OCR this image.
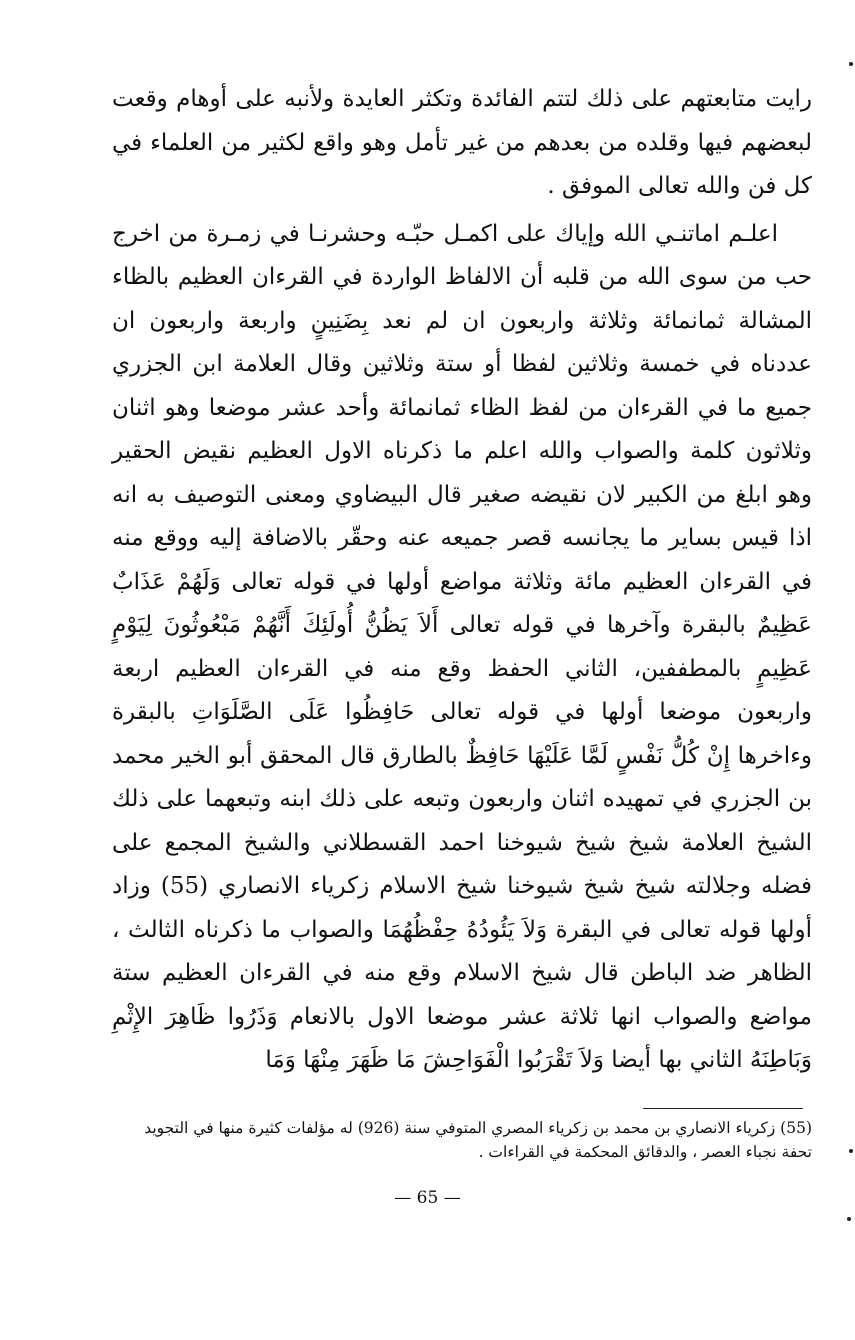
رايت متابعتهم على ذلك لتتم الفائدة وتكثر العايدة ولأنبه على أوهام وقعت لبعضهم فيها وقلده من بعدهم من غير تأمل وهو واقع لكثير من العلماء في كل فن والله تعالى الموفق .

اعلـم اماتنـي الله وإياك على اكمـل حبّـه وحشرنـا في زمـرة من اخرج حب من سوى الله من قلبه أن الالفاظ الواردة في القرءان العظيم بالظاء المشالة ثمانمائة وثلاثة واربعون ان لم نعد بِضَنِينٍ واربعة واربعون ان عددناه في خمسة وثلاثين لفظا أو ستة وثلاثين وقال العلامة ابن الجزري جميع ما في القرءان من لفظ الظاء ثمانمائة وأحد عشر موضعا وهو اثنان وثلاثون كلمة والصواب والله اعلم ما ذكرناه الاول العظيم نقيض الحقير وهو ابلغ من الكبير لان نقيضه صغير قال البيضاوي ومعنى التوصيف به انه اذا قيس بساير ما يجانسه قصر جميعه عنه وحقّر بالاضافة إليه ووقع منه في القرءان العظيم مائة وثلاثة مواضع أولها في قوله تعالى وَلَهُمْ عَذَابٌ عَظِيمٌ بالبقرة وآخرها في قوله تعالى أَلاَ يَظُنُّ أُولَئِكَ أَنَّهُمْ مَبْعُوثُونَ لِيَوْمٍ عَظِيمٍ بالمطففين، الثاني الحفظ وقع منه في القرءان العظيم اربعة واربعون موضعا أولها في قوله تعالى حَافِظُوا عَلَى الصَّلَوَاتِ بالبقرة وءاخرها إِنْ كُلُّ نَفْسٍ لَمَّا عَلَيْهَا حَافِظٌ بالطارق قال المحقق أبو الخير محمد بن الجزري في تمهيده اثنان واربعون وتبعه على ذلك ابنه وتبعهما على ذلك الشيخ العلامة شيخ شيخ شيوخنا احمد القسطلاني والشيخ المجمع على فضله وجلالته شيخ شيخ شيوخنا شيخ الاسلام زكرياء الانصاري (55) وزاد أولها قوله تعالى في البقرة وَلاَ يَئُودُهُ حِفْظُهُمَا والصواب ما ذكرناه الثالث ، الظاهر ضد الباطن قال شيخ الاسلام وقع منه في القرءان العظيم ستة مواضع والصواب انها ثلاثة عشر موضعا الاول بالانعام وَذَرُوا ظَاهِرَ الإِثْمِ وَبَاطِنَهُ الثاني بها أيضا وَلاَ تَقْرَبُوا الْفَوَاحِشَ مَا ظَهَرَ مِنْهَا وَمَا

(55) زكرياء الانصاري بن محمد بن زكرياء المصري المتوفي سنة (926) له مؤلفات كثيرة منها في التجويد تحفة نجباء العصر ، والدقائق المحكمة في القراءات .

— 65 —
